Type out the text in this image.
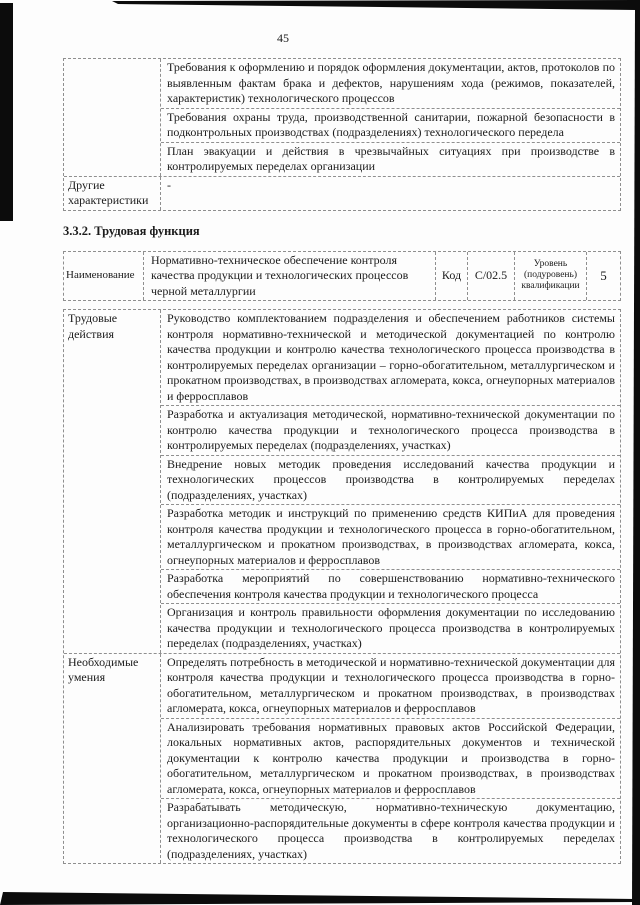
45
Требования к оформлению и порядок оформления документации, актов, протоколов по выявленным фактам брака и дефектов, нарушениям хода (режимов, показателей, характеристик) технологического процессов
Требования охраны труда, производственной санитарии, пожарной безопасности в подконтрольных производствах (подразделениях) технологического передела
План эвакуации и действия в чрезвычайных ситуациях при производстве в контролируемых переделах организации
Другие характеристики
-
3.3.2. Трудовая функция
Наименование
Нормативно-техническое обеспечение контроля качества продукции и технологических процессов черной металлургии
Код	С/02.5
Уровень (подуровень) квалификации
5
Трудовые действия
Руководство комплектованием подразделения и обеспечением работников системы контроля нормативно-технической и методической документацией по контролю качества продукции и контролю качества технологического процесса производства в контролируемых переделах организации – горно-обогатительном, металлургическом и прокатном производствах, в производствах агломерата, кокса, огнеупорных материалов и ферросплавов
Разработка и актуализация методической, нормативно-технической документации по контролю качества продукции и технологического процесса производства в контролируемых переделах (подразделениях, участках)
Внедрение новых методик проведения исследований качества продукции и технологических процессов производства в контролируемых переделах (подразделениях, участках)
Разработка методик и инструкций по применению средств КИПиА для проведения контроля качества продукции и технологического процесса в горно-обогатительном, металлургическом и прокатном производствах, в производствах агломерата, кокса, огнеупорных материалов и ферросплавов
Разработка мероприятий по совершенствованию нормативно-технического обеспечения контроля качества продукции и технологического процесса
Организация и контроль правильности оформления документации по исследованию качества продукции и технологического процесса производства в контролируемых переделах (подразделениях, участках)
Необходимые умения
Определять потребность в методической и нормативно-технической документации для контроля качества продукции и технологического процесса производства в горно-обогатительном, металлургическом и прокатном производствах, в производствах агломерата, кокса, огнеупорных материалов и ферросплавов
Анализировать требования нормативных правовых актов Российской Федерации, локальных нормативных актов, распорядительных документов и технической документации к контролю качества продукции и производства в горно-обогатительном, металлургическом и прокатном производствах, в производствах агломерата, кокса, огнеупорных материалов и ферросплавов
Разрабатывать методическую, нормативно-техническую документацию, организационно-распорядительные документы в сфере контроля качества продукции и технологического процесса производства в контролируемых переделах (подразделениях, участках)
